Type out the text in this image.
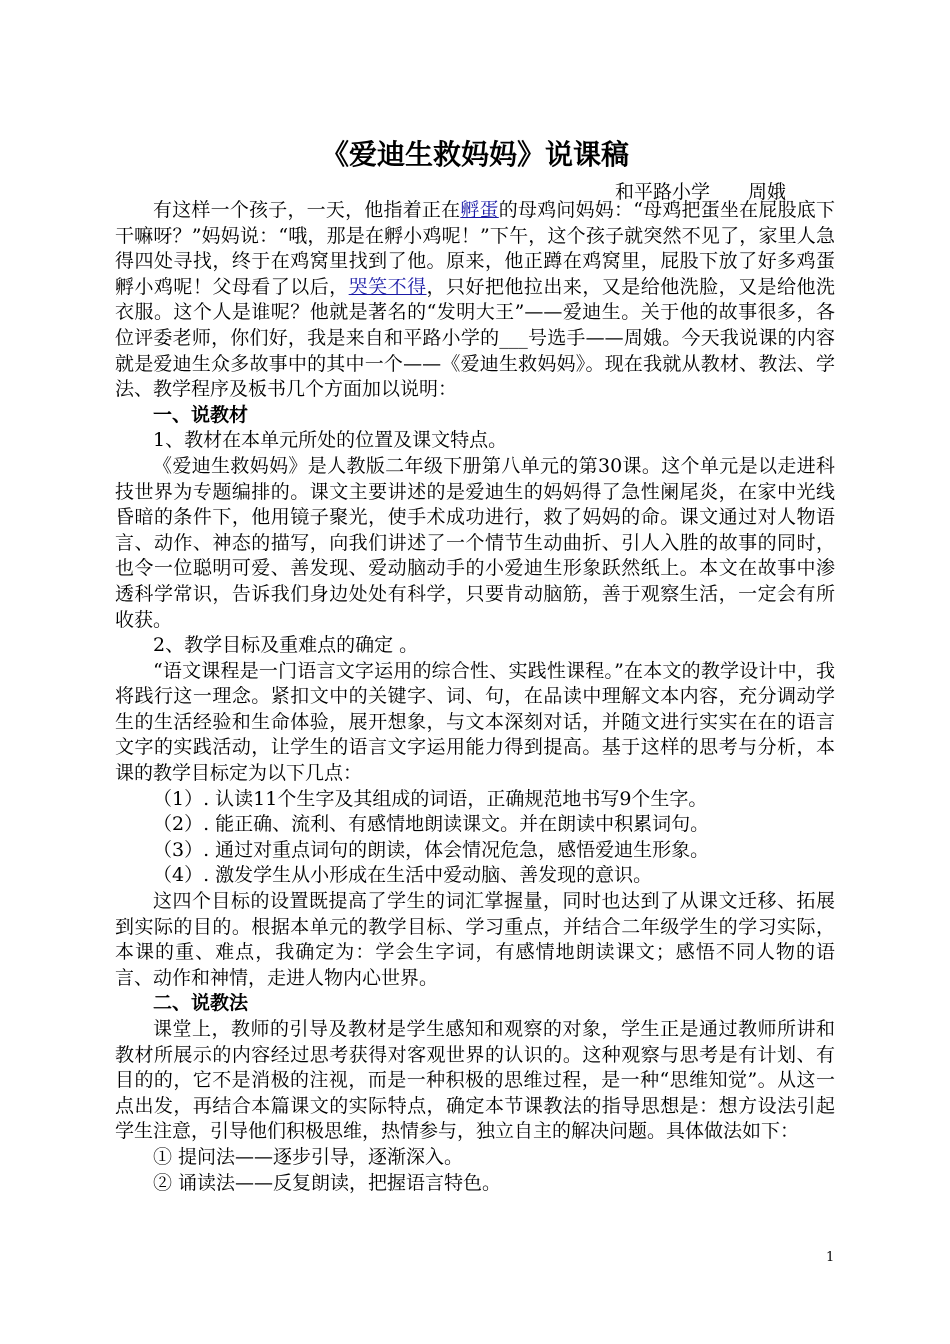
《爱迪生救妈妈》说课稿
和平路小学 周娥

有这样一个孩子，一天，他指着正在孵蛋的母鸡问妈妈：“母鸡把蛋坐在屁股底下干嘛呀？”妈妈说：“哦，那是在孵小鸡呢！”下午，这个孩子就突然不见了，家里人急得四处寻找，终于在鸡窝里找到了他。原来，他正蹲在鸡窝里，屁股下放了好多鸡蛋孵小鸡呢！父母看了以后，哭笑不得，只好把他拉出来，又是给他洗脸，又是给他洗衣服。这个人是谁呢？他就是著名的“发明大王”——爱迪生。关于他的故事很多，各位评委老师，你们好，我是来自和平路小学的___号选手——周娥。今天我说课的内容就是爱迪生众多故事中的其中一个——《爱迪生救妈妈》。现在我就从教材、教法、学法、教学程序及板书几个方面加以说明：

一、说教材

1、教材在本单元所处的位置及课文特点。

《爱迪生救妈妈》是人教版二年级下册第八单元的第30课。这个单元是以走进科技世界为专题编排的。课文主要讲述的是爱迪生的妈妈得了急性阑尾炎，在家中光线昏暗的条件下，他用镜子聚光，使手术成功进行，救了妈妈的命。课文通过对人物语言、动作、神态的描写，向我们讲述了一个情节生动曲折、引人入胜的故事的同时，也令一位聪明可爱、善发现、爱动脑动手的小爱迪生形象跃然纸上。本文在故事中渗透科学常识，告诉我们身边处处有科学，只要肯动脑筋，善于观察生活，一定会有所收获。

2、教学目标及重难点的确定 。

“语文课程是一门语言文字运用的综合性、实践性课程。”在本文的教学设计中，我将践行这一理念。紧扣文中的关键字、词、句，在品读中理解文本内容，充分调动学生的生活经验和生命体验，展开想象，与文本深刻对话，并随文进行实实在在的语言文字的实践活动，让学生的语言文字运用能力得到提高。基于这样的思考与分析，本课的教学目标定为以下几点：

（1）. 认读11个生字及其组成的词语，正确规范地书写9个生字。

（2）. 能正确、流利、有感情地朗读课文。并在朗读中积累词句。

（3）. 通过对重点词句的朗读，体会情况危急，感悟爱迪生形象。

（4）. 激发学生从小形成在生活中爱动脑、善发现的意识。

这四个目标的设置既提高了学生的词汇掌握量，同时也达到了从课文迁移、拓展到实际的目的。根据本单元的教学目标、学习重点，并结合二年级学生的学习实际，本课的重、难点，我确定为：学会生字词，有感情地朗读课文；感悟不同人物的语言、动作和神情，走进人物内心世界。

二、说教法

课堂上，教师的引导及教材是学生感知和观察的对象，学生正是通过教师所讲和教材所展示的内容经过思考获得对客观世界的认识的。这种观察与思考是有计划、有目的的，它不是消极的注视，而是一种积极的思维过程，是一种“思维知觉”。从这一点出发，再结合本篇课文的实际特点，确定本节课教法的指导思想是：想方设法引起学生注意，引导他们积极思维，热情参与，独立自主的解决问题。具体做法如下：

① 提问法——逐步引导，逐渐深入。

② 诵读法——反复朗读，把握语言特色。

1
